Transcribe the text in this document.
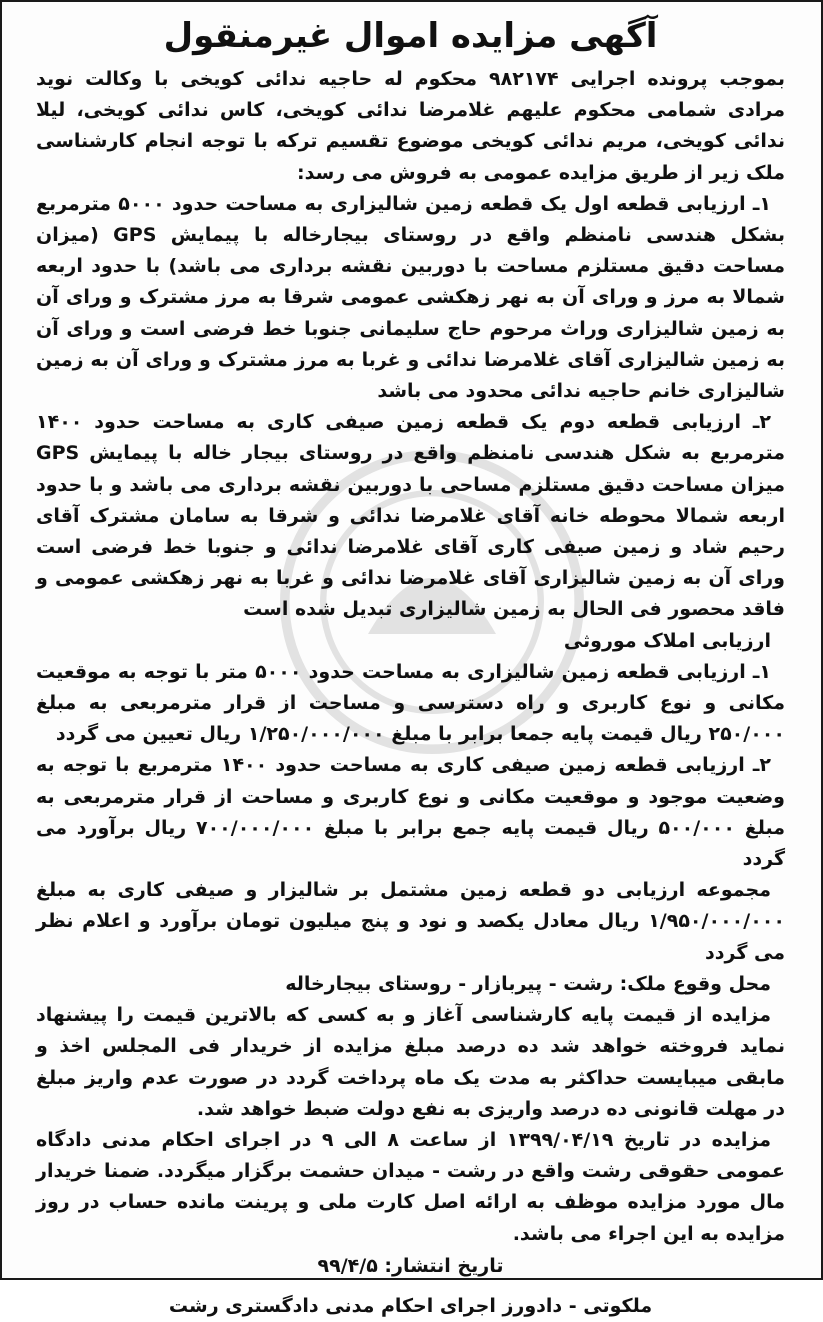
آگهی مزایده اموال غیرمنقول

بموجب پرونده اجرایی ۹۸۲۱۷۴ محکوم له حاجیه ندائی کویخی با وکالت نوید مرادی شمامی محکوم علیهم غلامرضا ندائی کویخی، کاس ندائی کویخی، لیلا ندائی کویخی، مریم ندائی کویخی موضوع تقسیم ترکه با توجه انجام کارشناسی ملک زیر از طریق مزایده عمومی به فروش می رسد:

۱ـ ارزیابی قطعه اول یک قطعه زمین شالیزاری به مساحت حدود ۵۰۰۰ مترمربع بشکل هندسی نامنظم واقع در روستای بیجارخاله با پیمایش GPS (میزان مساحت دقیق مستلزم مساحت با دوربین نقشه برداری می باشد) با حدود اربعه شمالا به مرز و ورای آن به نهر زهکشی عمومی شرقا به مرز مشترک و ورای آن به زمین شالیزاری وراث مرحوم حاج سلیمانی جنوبا خط فرضی است و ورای آن به زمین شالیزاری آقای غلامرضا ندائی و غربا به مرز مشترک و ورای آن به زمین شالیزاری خانم حاجیه ندائی محدود می باشد

۲ـ ارزیابی قطعه دوم یک قطعه زمین صیفی کاری به مساحت حدود ۱۴۰۰ مترمربع به شکل هندسی نامنظم واقع در روستای بیجار خاله با پیمایش GPS میزان مساحت دقیق مستلزم مساحی با دوربین نقشه برداری می باشد و با حدود اربعه شمالا محوطه خانه آقای غلامرضا ندائی و شرقا به سامان مشترک آقای رحیم شاد و زمین صیفی کاری آقای غلامرضا ندائی و جنوبا خط فرضی است ورای آن به زمین شالیزاری آقای غلامرضا ندائی و غربا به نهر زهکشی عمومی و فاقد محصور فی الحال به زمین شالیزاری تبدیل شده است

ارزیابی املاک موروثی

۱ـ ارزیابی قطعه زمین شالیزاری به مساحت حدود ۵۰۰۰ متر با توجه به موقعیت مکانی و نوع کاربری و راه دسترسی و مساحت از قرار مترمربعی به مبلغ ۲۵۰/۰۰۰ ریال قیمت پایه جمعا برابر با مبلغ ۱/۲۵۰/۰۰۰/۰۰۰ ریال تعیین می گردد

۲ـ ارزیابی قطعه زمین صیفی کاری به مساحت حدود ۱۴۰۰ مترمربع با توجه به وضعیت موجود و موقعیت مکانی و نوع کاربری و مساحت از قرار مترمربعی به مبلغ ۵۰۰/۰۰۰ ریال قیمت پایه جمع برابر با مبلغ ۷۰۰/۰۰۰/۰۰۰ ریال برآورد می گردد

مجموعه ارزیابی دو قطعه زمین مشتمل بر شالیزار و صیفی کاری به مبلغ ۱/۹۵۰/۰۰۰/۰۰۰ ریال معادل یکصد و نود و پنج میلیون تومان برآورد و اعلام نظر می گردد

محل وقوع ملک: رشت - پیربازار - روستای بیجارخاله

مزایده از قیمت پایه کارشناسی آغاز و به کسی که بالاترین قیمت را پیشنهاد نماید فروخته خواهد شد ده درصد مبلغ مزایده از خریدار فی المجلس اخذ و مابقی میبایست حداکثر به مدت یک ماه پرداخت گردد در صورت عدم واریز مبلغ در مهلت قانونی ده درصد واریزی به نفع دولت ضبط خواهد شد.

مزایده در تاریخ ۱۳۹۹/۰۴/۱۹ از ساعت ۸ الی ۹ در اجرای احکام مدنی دادگاه عمومی حقوقی رشت واقع در رشت - میدان حشمت برگزار میگردد. ضمنا خریدار مال مورد مزایده موظف به ارائه اصل کارت ملی و پرینت مانده حساب در روز مزایده به این اجراء می باشد.

تاریخ انتشار: ۹۹/۴/۵
ملکوتی - دادورز اجرای احکام مدنی دادگستری رشت
